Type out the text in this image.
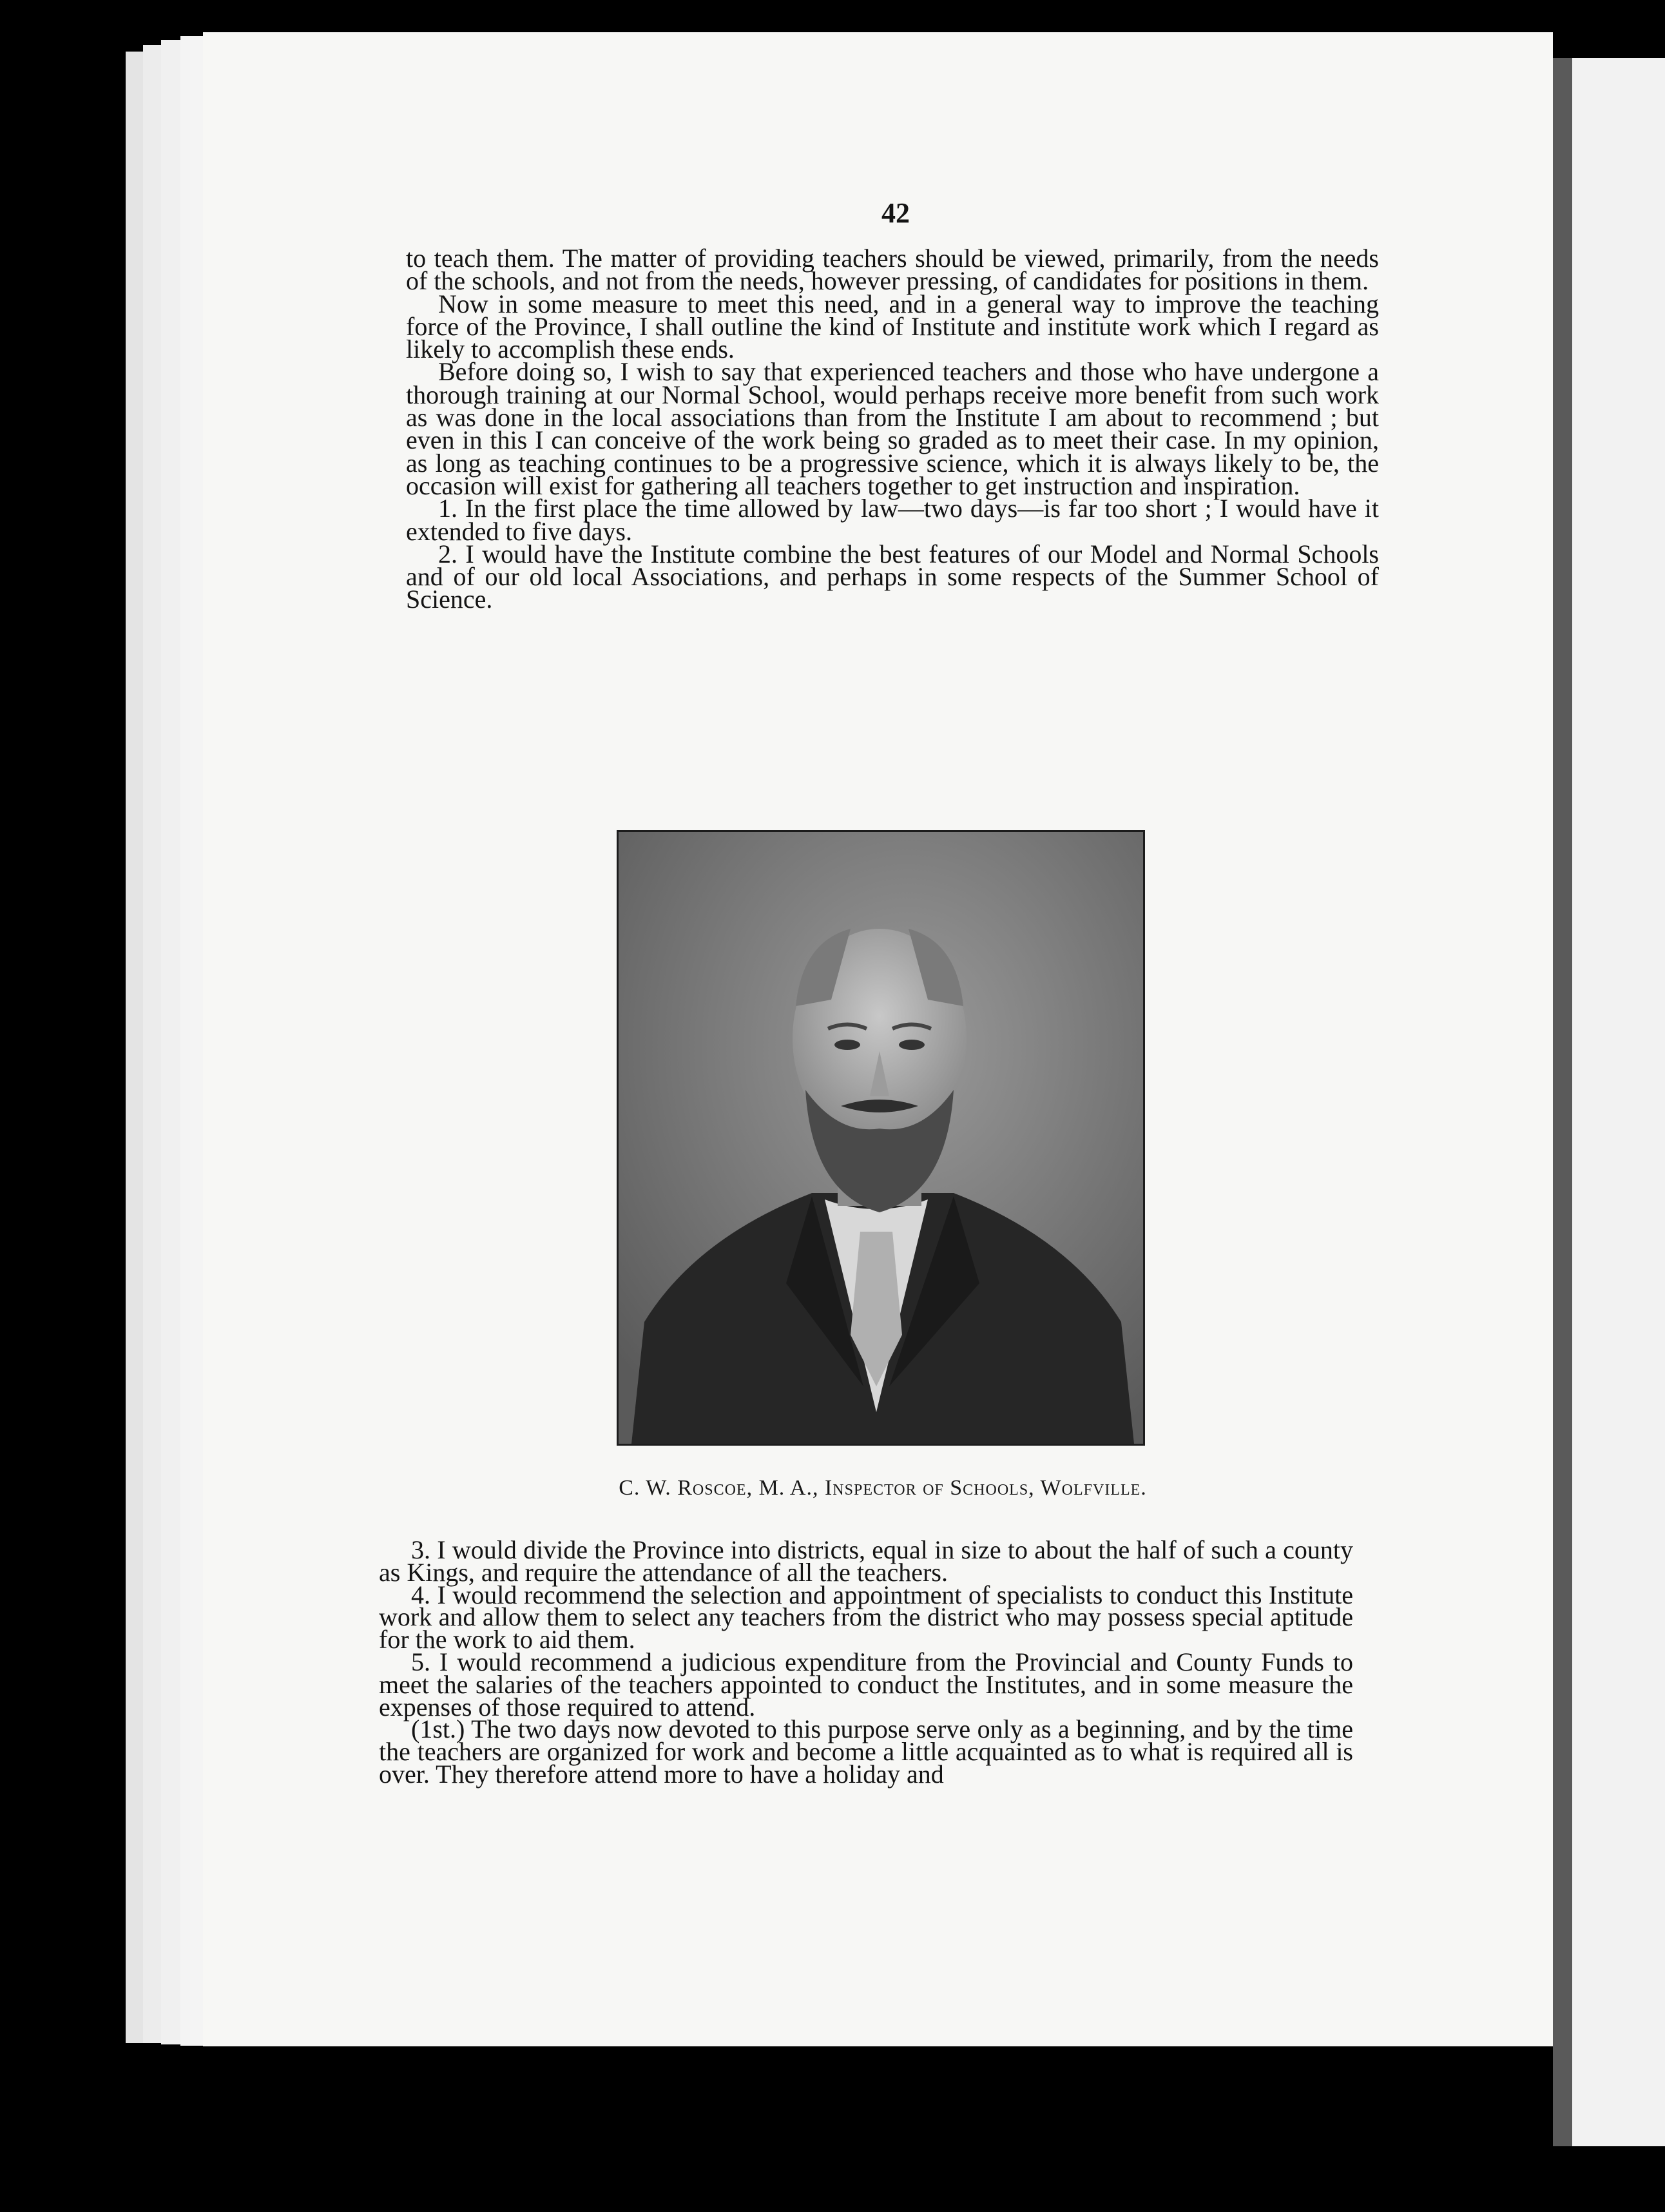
42

to teach them. The matter of providing teachers should be viewed, primarily, from the needs of the schools, and not from the needs, however pressing, of candidates for positions in them.

Now in some measure to meet this need, and in a general way to improve the teaching force of the Province, I shall outline the kind of Institute and institute work which I regard as likely to accomplish these ends.

Before doing so, I wish to say that experienced teachers and those who have undergone a thorough training at our Normal School, would perhaps receive more benefit from such work as was done in the local associations than from the Institute I am about to recommend ; but even in this I can conceive of the work being so graded as to meet their case. In my opinion, as long as teaching continues to be a progressive science, which it is always likely to be, the occasion will exist for gathering all teachers together to get instruction and inspiration.

1. In the first place the time allowed by law—two days—is far too short ; I would have it extended to five days.

2. I would have the Institute combine the best features of our Model and Normal Schools and of our old local Associations, and perhaps in some respects of the Summer School of Science.

C. W. Roscoe, M. A., Inspector of Schools, Wolfville.

3. I would divide the Province into districts, equal in size to about the half of such a county as Kings, and require the attendance of all the teachers.

4. I would recommend the selection and appointment of specialists to conduct this Institute work and allow them to select any teachers from the district who may possess special aptitude for the work to aid them.

5. I would recommend a judicious expenditure from the Provincial and County Funds to meet the salaries of the teachers appointed to conduct the Institutes, and in some measure the expenses of those required to attend.

(1st.) The two days now devoted to this purpose serve only as a beginning, and by the time the teachers are organized for work and become a little acquainted as to what is required all is over. They therefore attend more to have a holiday and
